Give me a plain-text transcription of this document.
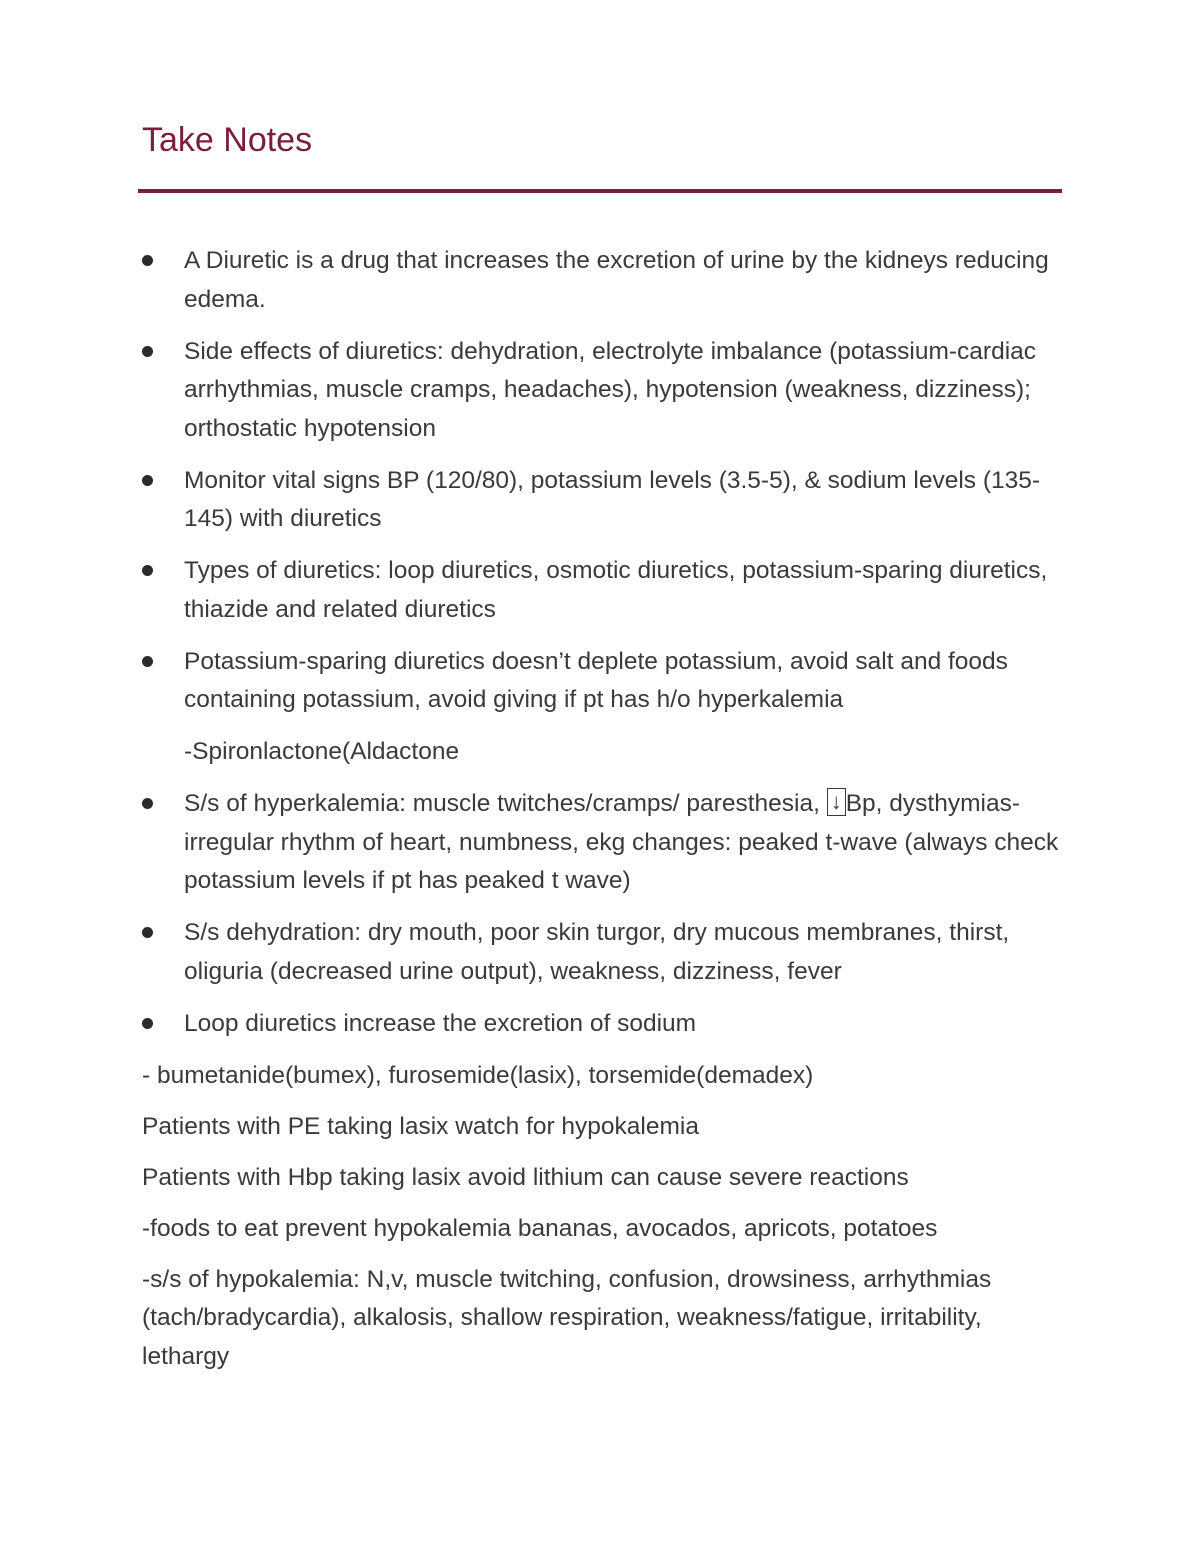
Take Notes
A Diuretic is a drug that increases the excretion of urine by the kidneys reducing edema.
Side effects of diuretics: dehydration, electrolyte imbalance (potassium-cardiac arrhythmias, muscle cramps, headaches), hypotension (weakness, dizziness); orthostatic hypotension
Monitor vital signs BP (120/80), potassium levels (3.5-5), & sodium levels (135-145) with diuretics
Types of diuretics: loop diuretics, osmotic diuretics, potassium-sparing diuretics, thiazide and related diuretics
Potassium-sparing diuretics doesn’t deplete potassium, avoid salt and foods containing potassium, avoid giving if pt has h/o hyperkalemia
-Spironlactone(Aldactone
S/s of hyperkalemia: muscle twitches/cramps/ paresthesia, ↓ Bp, dysthymias-irregular rhythm of heart, numbness, ekg changes: peaked t-wave (always check potassium levels if pt has peaked t wave)
S/s dehydration: dry mouth, poor skin turgor, dry mucous membranes, thirst, oliguria (decreased urine output), weakness, dizziness, fever
Loop diuretics increase the excretion of sodium
- bumetanide(bumex), furosemide(lasix), torsemide(demadex)
Patients with PE taking lasix watch for hypokalemia
Patients with Hbp taking lasix avoid lithium can cause severe reactions
-foods to eat prevent hypokalemia bananas, avocados, apricots, potatoes
-s/s of hypokalemia: N,v, muscle twitching, confusion, drowsiness, arrhythmias (tach/bradycardia), alkalosis, shallow respiration, weakness/fatigue, irritability, lethargy
